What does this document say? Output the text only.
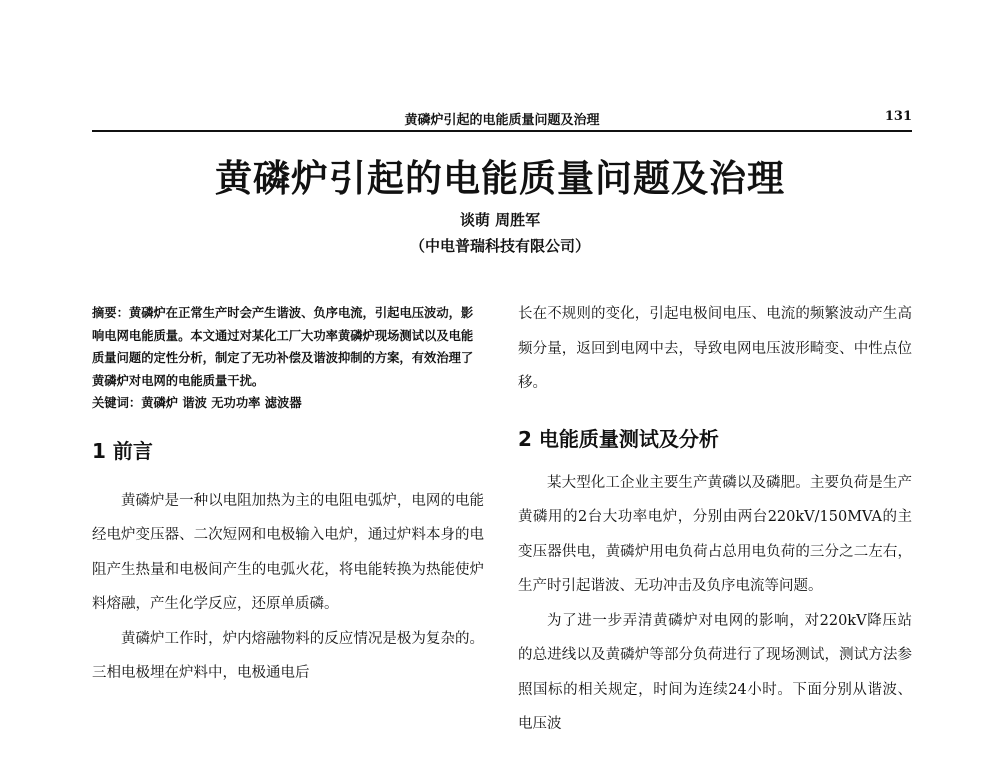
黄磷炉引起的电能质量问题及治理	131
黄磷炉引起的电能质量问题及治理
谈萌 周胜军
（中电普瑞科技有限公司）

摘要：黄磷炉在正常生产时会产生谐波、负序电流，引起电压波动，影响电网电能质量。本文通过对某化工厂大功率黄磷炉现场测试以及电能质量问题的定性分析，制定了无功补偿及谐波抑制的方案，有效治理了黄磷炉对电网的电能质量干扰。

关键词：黄磷炉 谐波 无功功率 滤波器

1 前言

黄磷炉是一种以电阻加热为主的电阻电弧炉，电网的电能经电炉变压器、二次短网和电极输入电炉，通过炉料本身的电阻产生热量和电极间产生的电弧火花，将电能转换为热能使炉料熔融，产生化学反应，还原单质磷。

黄磷炉工作时，炉内熔融物料的反应情况是极为复杂的。三相电极埋在炉料中，电极通电后

长在不规则的变化，引起电极间电压、电流的频繁波动产生高频分量，返回到电网中去，导致电网电压波形畸变、中性点位移。

2 电能质量测试及分析

某大型化工企业主要生产黄磷以及磷肥。主要负荷是生产黄磷用的2台大功率电炉，分别由两台220kV/150MVA的主变压器供电，黄磷炉用电负荷占总用电负荷的三分之二左右，生产时引起谐波、无功冲击及负序电流等问题。

为了进一步弄清黄磷炉对电网的影响，对220kV降压站的总进线以及黄磷炉等部分负荷进行了现场测试，测试方法参照国标的相关规定，时间为连续24小时。下面分别从谐波、电压波
